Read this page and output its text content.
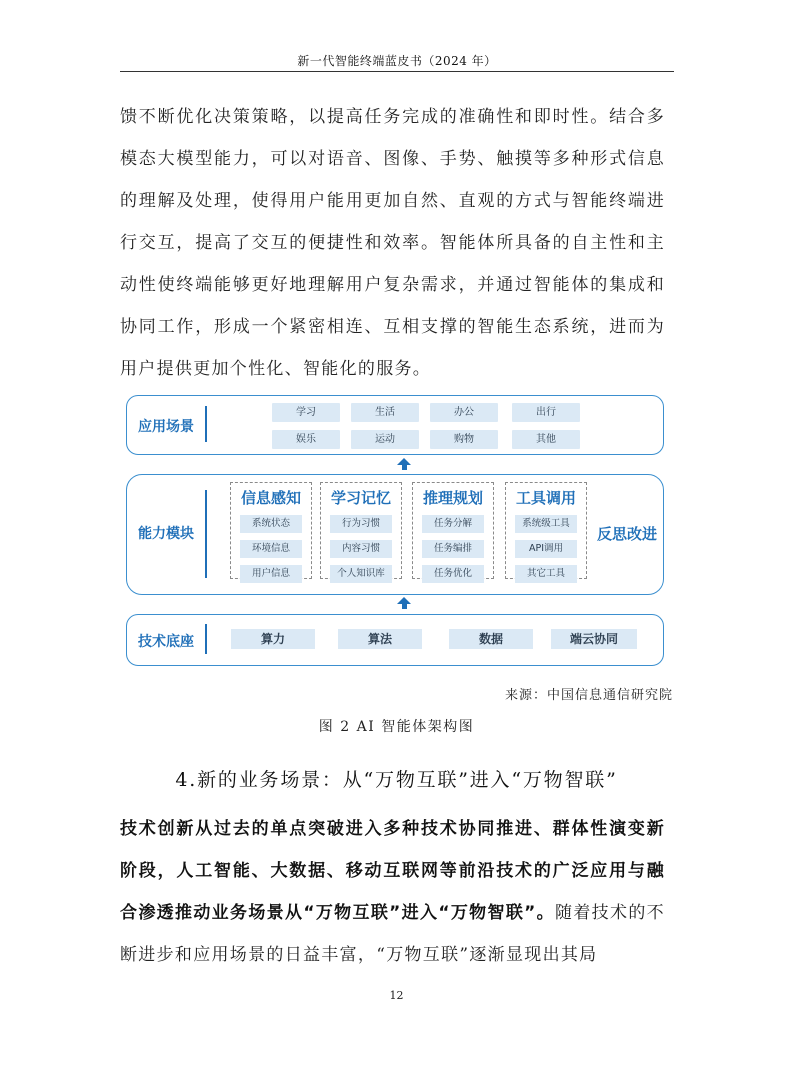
新一代智能终端蓝皮书（2024 年）

馈不断优化决策策略，以提高任务完成的准确性和即时性。结合多模态大模型能力，可以对语音、图像、手势、触摸等多种形式信息的理解及处理，使得用户能用更加自然、直观的方式与智能终端进行交互，提高了交互的便捷性和效率。智能体所具备的自主性和主动性使终端能够更好地理解用户复杂需求，并通过智能体的集成和协同工作，形成一个紧密相连、互相支撑的智能生态系统，进而为用户提供更加个性化、智能化的服务。

应用场景
学习	生活	办公	出行
娱乐	运动	购物	其他
能力模块
信息感知
系统状态
环境信息
用户信息
学习记忆
行为习惯
内容习惯
个人知识库
推理规划
任务分解
任务编排
任务优化
工具调用
系统级工具
API调用
其它工具
反思改进
技术底座	算力	算法	数据	端云协同
来源：中国信息通信研究院
图 2 AI 智能体架构图
4.新的业务场景：从“万物互联”进入“万物智联”

技术创新从过去的单点突破进入多种技术协同推进、群体性演变新阶段，人工智能、大数据、移动互联网等前沿技术的广泛应用与融合渗透推动业务场景从“万物互联”进入“万物智联”。随着技术的不断进步和应用场景的日益丰富，“万物互联”逐渐显现出其局

12
